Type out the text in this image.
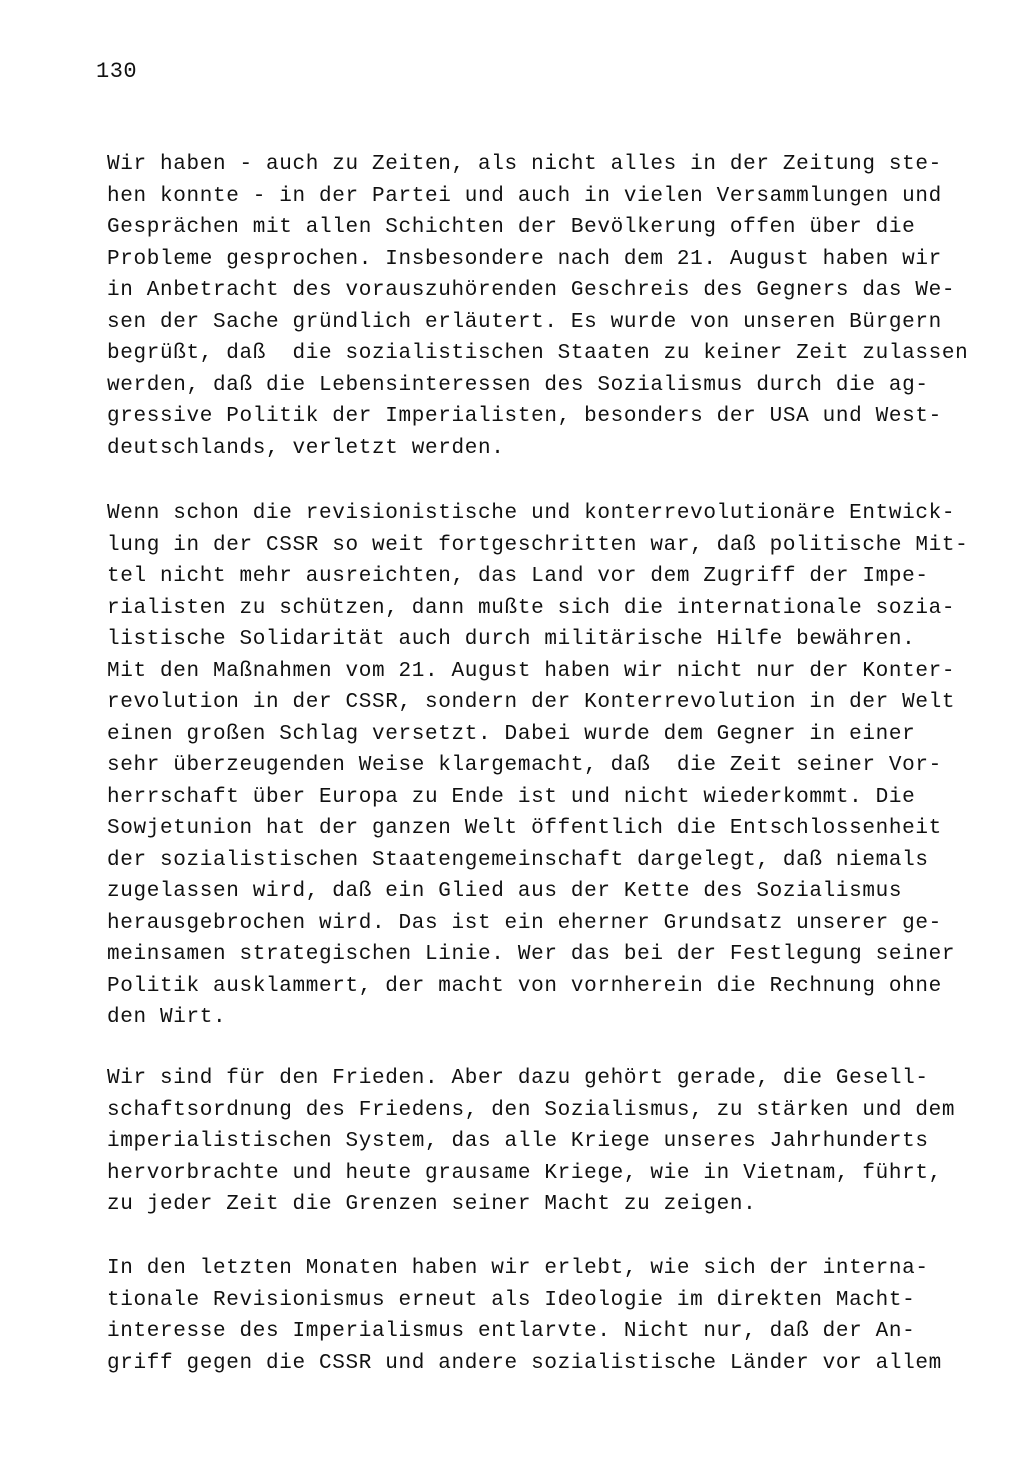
130
Wir haben - auch zu Zeiten, als nicht alles in der Zeitung ste-
hen konnte - in der Partei und auch in vielen Versammlungen und
Gesprächen mit allen Schichten der Bevölkerung offen über die
Probleme gesprochen. Insbesondere nach dem 21. August haben wir
in Anbetracht des vorauszuhörenden Geschreis des Gegners das We-
sen der Sache gründlich erläutert. Es wurde von unseren Bürgern
begrüßt, daß  die sozialistischen Staaten zu keiner Zeit zulassen
werden, daß die Lebensinteressen des Sozialismus durch die ag-
gressive Politik der Imperialisten, besonders der USA und West-
deutschlands, verletzt werden.
Wenn schon die revisionistische und konterrevolutionäre Entwick-
lung in der CSSR so weit fortgeschritten war, daß politische Mit-
tel nicht mehr ausreichten, das Land vor dem Zugriff der Impe-
rialisten zu schützen, dann mußte sich die internationale sozia-
listische Solidarität auch durch militärische Hilfe bewähren.
Mit den Maßnahmen vom 21. August haben wir nicht nur der Konter-
revolution in der CSSR, sondern der Konterrevolution in der Welt
einen großen Schlag versetzt. Dabei wurde dem Gegner in einer
sehr überzeugenden Weise klargemacht, daß  die Zeit seiner Vor-
herrschaft über Europa zu Ende ist und nicht wiederkommt. Die
Sowjetunion hat der ganzen Welt öffentlich die Entschlossenheit
der sozialistischen Staatengemeinschaft dargelegt, daß niemals
zugelassen wird, daß ein Glied aus der Kette des Sozialismus
herausgebrochen wird. Das ist ein eherner Grundsatz unserer ge-
meinsamen strategischen Linie. Wer das bei der Festlegung seiner
Politik ausklammert, der macht von vornherein die Rechnung ohne
den Wirt.
Wir sind für den Frieden. Aber dazu gehört gerade, die Gesell-
schaftsordnung des Friedens, den Sozialismus, zu stärken und dem
imperialistischen System, das alle Kriege unseres Jahrhunderts
hervorbrachte und heute grausame Kriege, wie in Vietnam, führt,
zu jeder Zeit die Grenzen seiner Macht zu zeigen.
In den letzten Monaten haben wir erlebt, wie sich der interna-
tionale Revisionismus erneut als Ideologie im direkten Macht-
interesse des Imperialismus entlarvte. Nicht nur, daß der An-
griff gegen die CSSR und andere sozialistische Länder vor allem
